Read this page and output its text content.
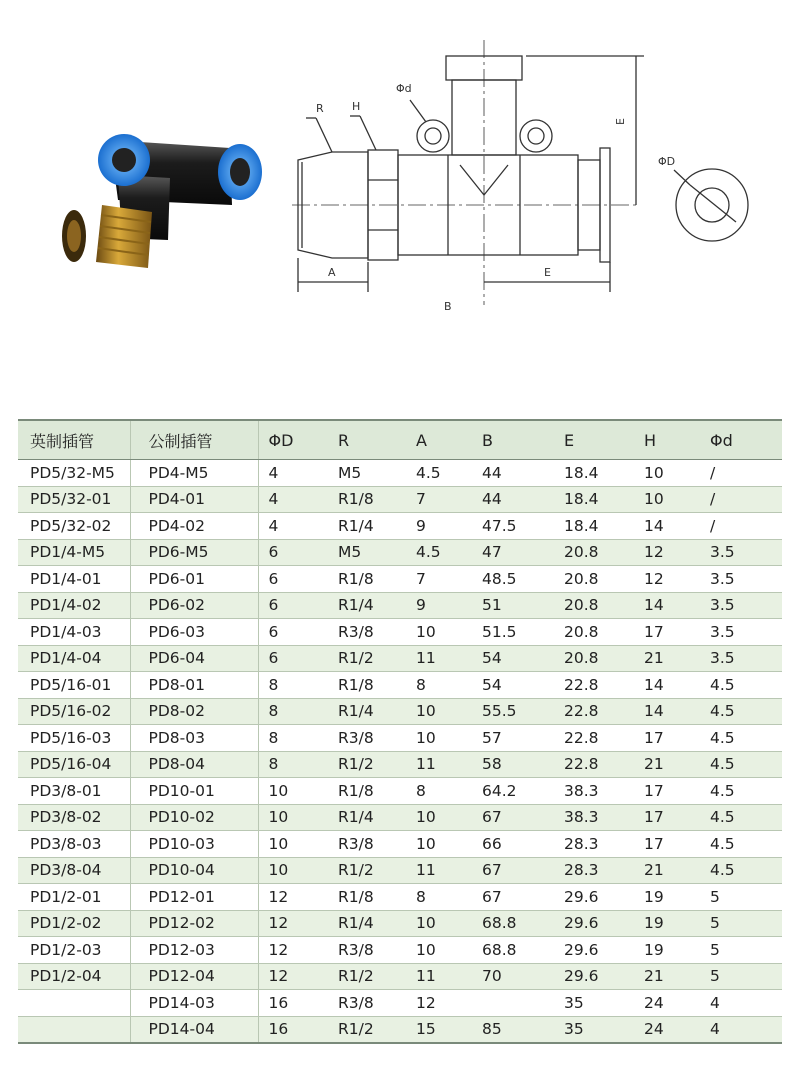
R	H
Φd
E
ΦD
A	E
B
英制插管	公制插管	ΦD	R	A	B	E	H	Φd
PD5/32-M5	PD4-M5	4	M5	4.5	44	18.4	10	/
PD5/32-01	PD4-01	4	R1/8	7	44	18.4	10	/
PD5/32-02	PD4-02	4	R1/4	9	47.5	18.4	14	/
PD1/4-M5	PD6-M5	6	M5	4.5	47	20.8	12	3.5
PD1/4-01	PD6-01	6	R1/8	7	48.5	20.8	12	3.5
PD1/4-02	PD6-02	6	R1/4	9	51	20.8	14	3.5
PD1/4-03	PD6-03	6	R3/8	10	51.5	20.8	17	3.5
PD1/4-04	PD6-04	6	R1/2	11	54	20.8	21	3.5
PD5/16-01	PD8-01	8	R1/8	8	54	22.8	14	4.5
PD5/16-02	PD8-02	8	R1/4	10	55.5	22.8	14	4.5
PD5/16-03	PD8-03	8	R3/8	10	57	22.8	17	4.5
PD5/16-04	PD8-04	8	R1/2	11	58	22.8	21	4.5
PD3/8-01	PD10-01	10	R1/8	8	64.2	38.3	17	4.5
PD3/8-02	PD10-02	10	R1/4	10	67	38.3	17	4.5
PD3/8-03	PD10-03	10	R3/8	10	66	28.3	17	4.5
PD3/8-04	PD10-04	10	R1/2	11	67	28.3	21	4.5
PD1/2-01	PD12-01	12	R1/8	8	67	29.6	19	5
PD1/2-02	PD12-02	12	R1/4	10	68.8	29.6	19	5
PD1/2-03	PD12-03	12	R3/8	10	68.8	29.6	19	5
PD1/2-04	PD12-04	12	R1/2	11	70	29.6	21	5
	PD14-03	16	R3/8	12		35	24	4
	PD14-04	16	R1/2	15	85	35	24	4
